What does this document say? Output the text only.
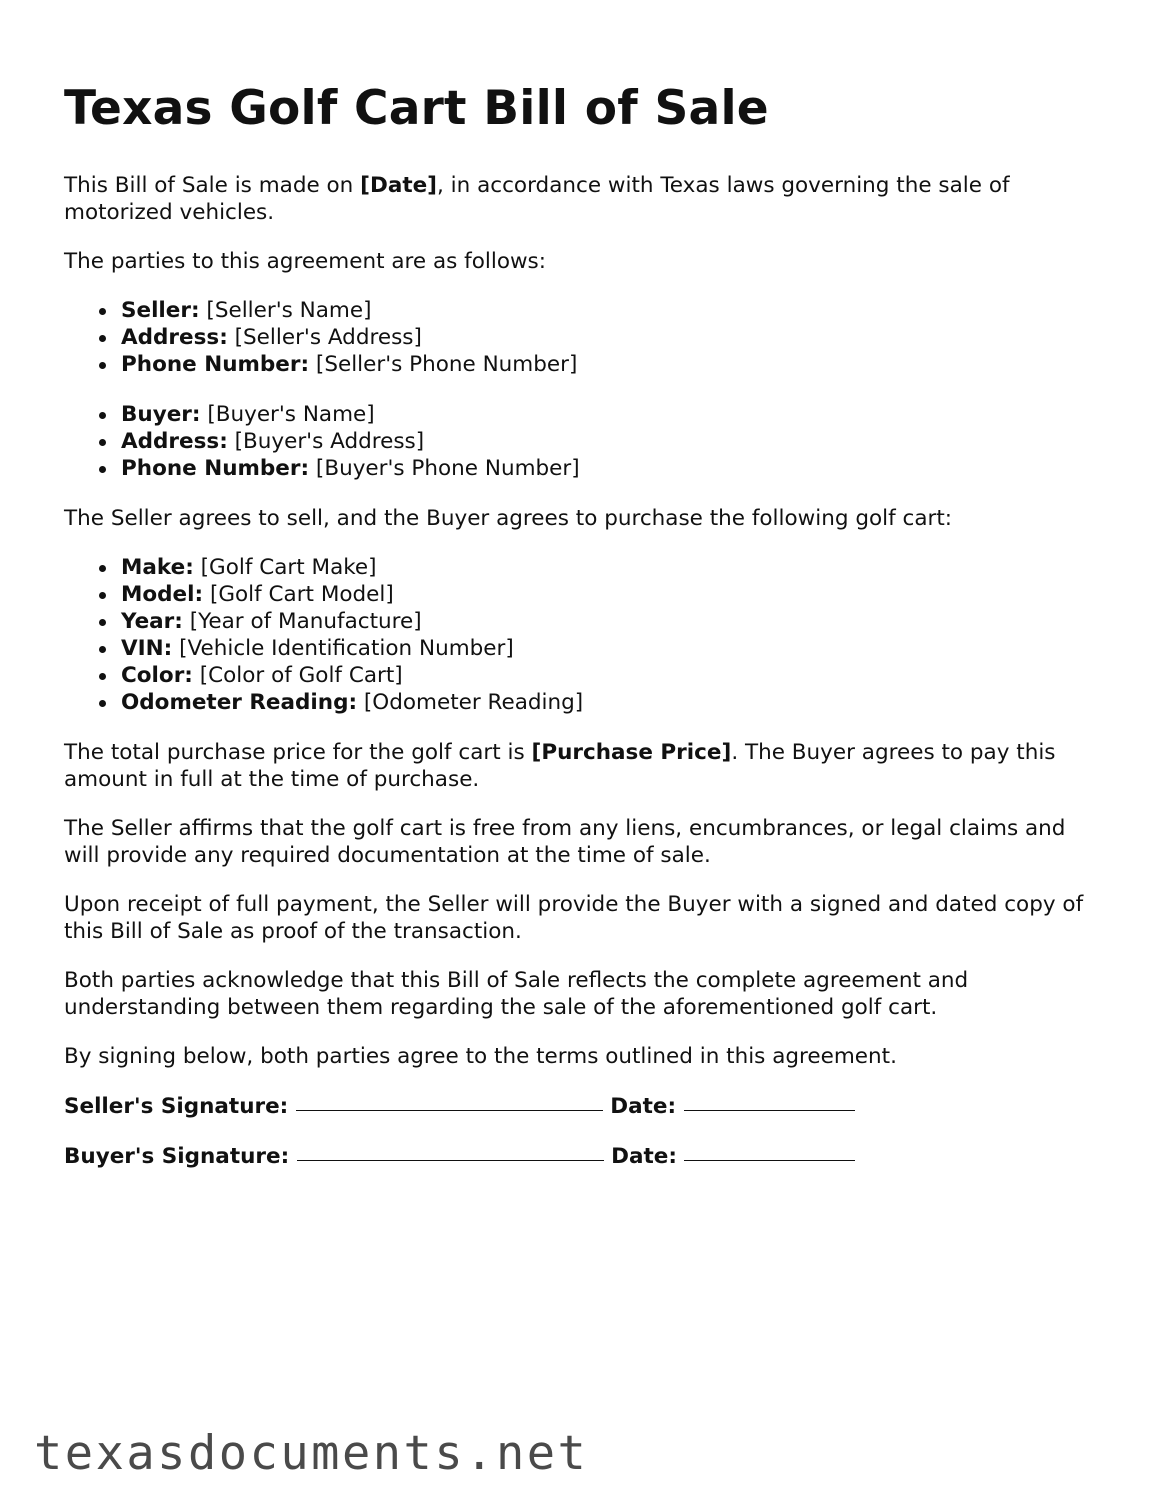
Texas Golf Cart Bill of Sale

This Bill of Sale is made on [Date], in accordance with Texas laws governing the sale of motorized vehicles.

The parties to this agreement are as follows:

Seller: [Seller's Name]
Address: [Seller's Address]
Phone Number: [Seller's Phone Number]
Buyer: [Buyer's Name]
Address: [Buyer's Address]
Phone Number: [Buyer's Phone Number]

The Seller agrees to sell, and the Buyer agrees to purchase the following golf cart:

Make: [Golf Cart Make]
Model: [Golf Cart Model]
Year: [Year of Manufacture]
VIN: [Vehicle Identification Number]
Color: [Color of Golf Cart]
Odometer Reading: [Odometer Reading]

The total purchase price for the golf cart is [Purchase Price]. The Buyer agrees to pay this amount in full at the time of purchase.

The Seller affirms that the golf cart is free from any liens, encumbrances, or legal claims and will provide any required documentation at the time of sale.

Upon receipt of full payment, the Seller will provide the Buyer with a signed and dated copy of this Bill of Sale as proof of the transaction.

Both parties acknowledge that this Bill of Sale reflects the complete agreement and understanding between them regarding the sale of the aforementioned golf cart.

By signing below, both parties agree to the terms outlined in this agreement.

Seller's Signature:	Date:
Buyer's Signature:	Date:
texasdocuments.net
